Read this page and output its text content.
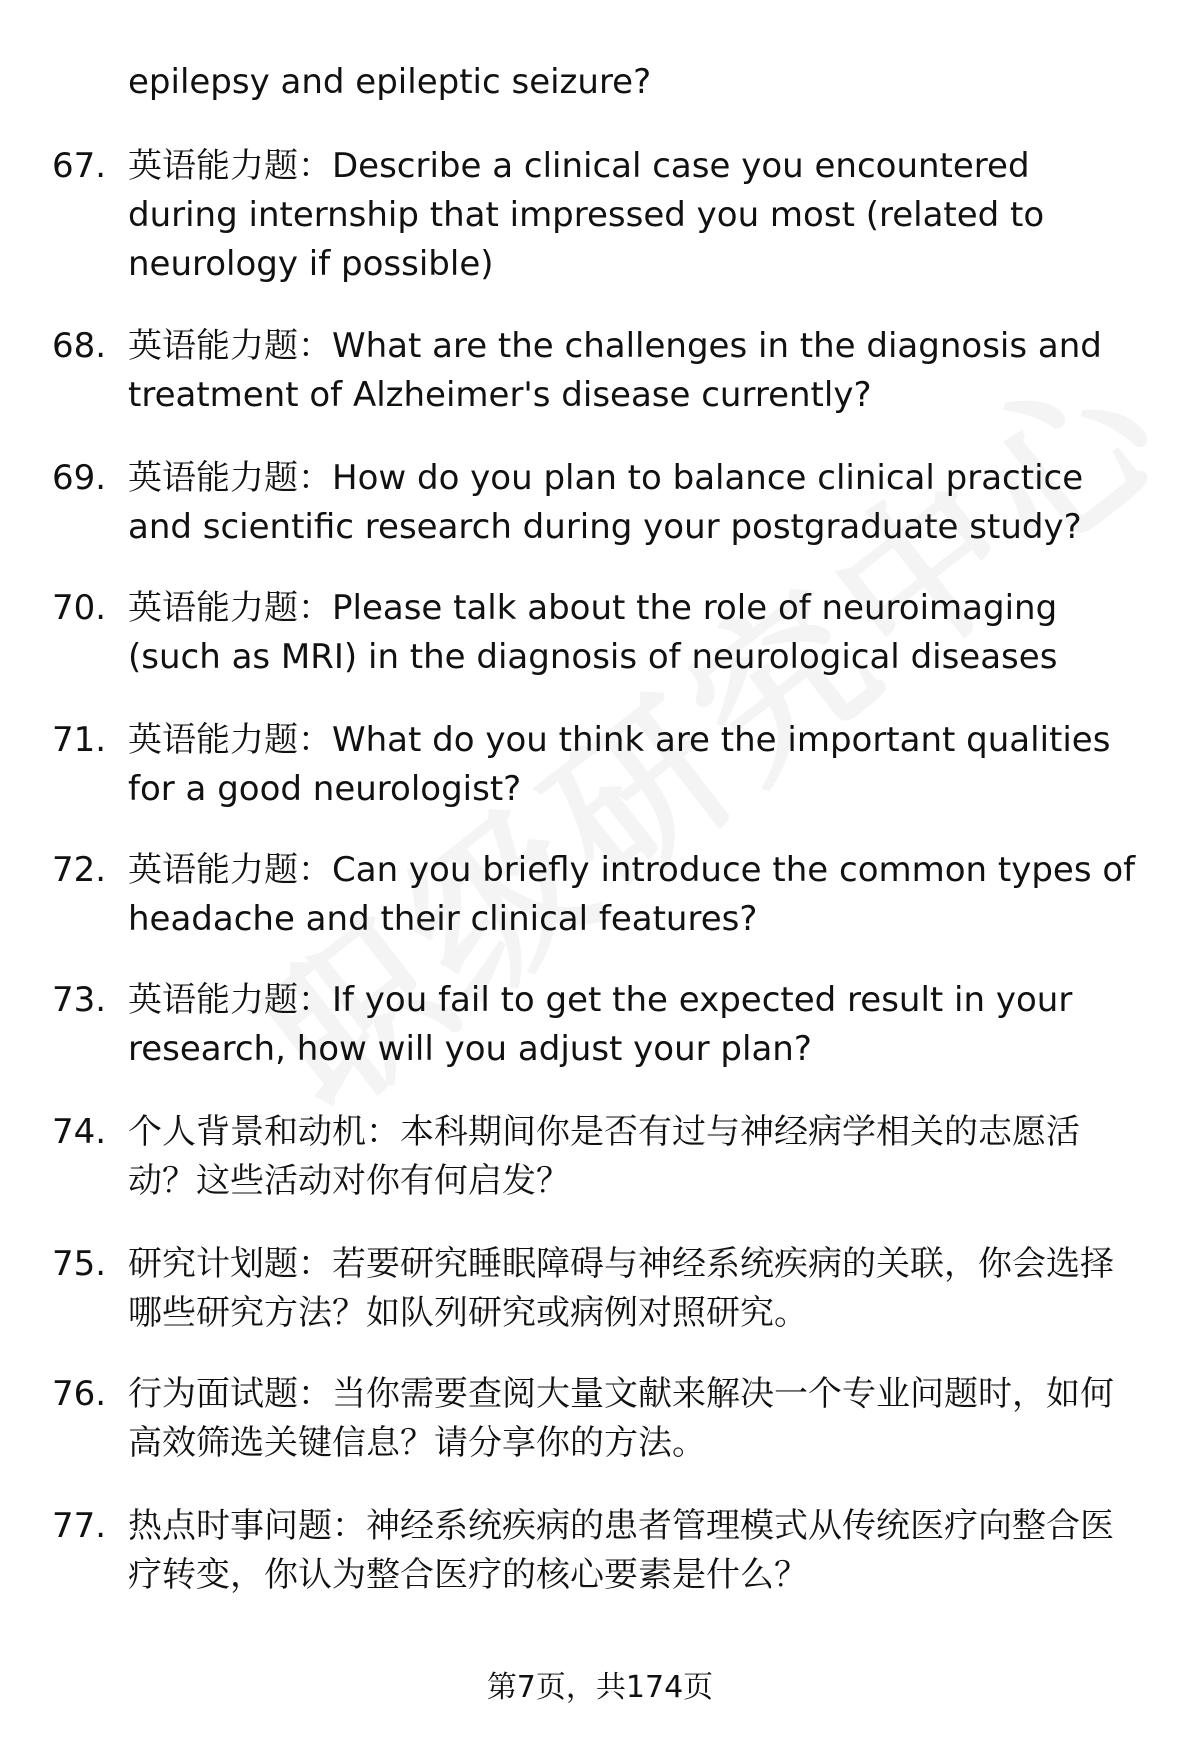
epilepsy and epileptic seizure?
67. 英语能力题：Describe a clinical case you encountered during internship that impressed you most (related to neurology if possible)
68. 英语能力题：What are the challenges in the diagnosis and treatment of Alzheimer's disease currently?
69. 英语能力题：How do you plan to balance clinical practice and scientific research during your postgraduate study?
70. 英语能力题：Please talk about the role of neuroimaging (such as MRI) in the diagnosis of neurological diseases
71. 英语能力题：What do you think are the important qualities for a good neurologist?
72. 英语能力题：Can you briefly introduce the common types of headache and their clinical features?
73. 英语能力题：If you fail to get the expected result in your research, how will you adjust your plan?
74. 个人背景和动机：本科期间你是否有过与神经病学相关的志愿活动？这些活动对你有何启发？
75. 研究计划题：若要研究睡眠障碍与神经系统疾病的关联，你会选择哪些研究方法？如队列研究或病例对照研究。
76. 行为面试题：当你需要查阅大量文献来解决一个专业问题时，如何高效筛选关键信息？请分享你的方法。
77. 热点时事问题：神经系统疾病的患者管理模式从传统医疗向整合医疗转变，你认为整合医疗的核心要素是什么？
第7页，共174页
